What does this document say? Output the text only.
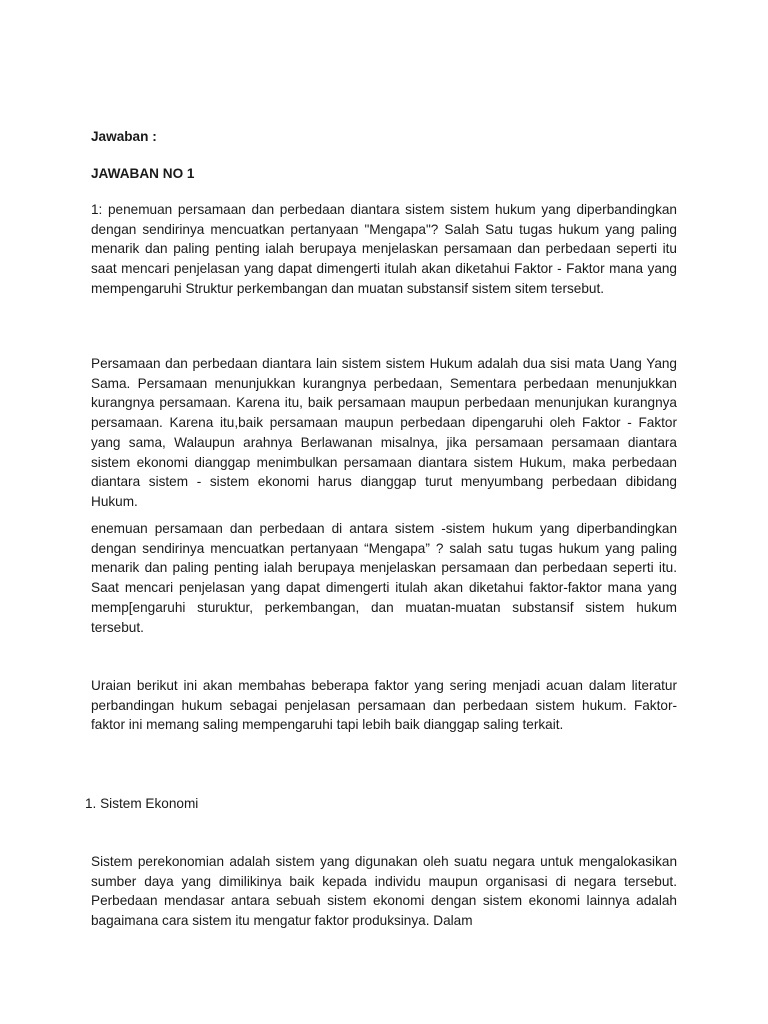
Jawaban :
JAWABAN NO 1

1: penemuan persamaan dan perbedaan diantara sistem sistem hukum yang diperbandingkan dengan sendirinya mencuatkan pertanyaan "Mengapa"? Salah Satu tugas hukum yang paling menarik dan paling penting ialah berupaya menjelaskan persamaan dan perbedaan seperti itu saat mencari penjelasan yang dapat dimengerti itulah akan diketahui Faktor - Faktor mana yang mempengaruhi Struktur perkembangan dan muatan substansif sistem sitem tersebut.

Persamaan dan perbedaan diantara lain sistem sistem Hukum adalah dua sisi mata Uang Yang Sama. Persamaan menunjukkan kurangnya perbedaan, Sementara perbedaan menunjukkan kurangnya persamaan. Karena itu, baik persamaan maupun perbedaan menunjukan kurangnya persamaan. Karena itu,baik persamaan maupun perbedaan dipengaruhi oleh Faktor - Faktor yang sama, Walaupun arahnya Berlawanan misalnya, jika persamaan persamaan diantara sistem ekonomi dianggap menimbulkan persamaan diantara sistem Hukum, maka perbedaan diantara sistem - sistem ekonomi harus dianggap turut menyumbang perbedaan dibidang Hukum.

enemuan persamaan dan perbedaan di antara sistem -sistem hukum yang diperbandingkan dengan sendirinya mencuatkan pertanyaan “Mengapa” ? salah satu tugas hukum yang paling menarik dan paling penting ialah berupaya menjelaskan persamaan dan perbedaan seperti itu. Saat mencari penjelasan yang dapat dimengerti itulah akan diketahui faktor-faktor mana yang memp[engaruhi sturuktur, perkembangan, dan muatan-muatan substansif sistem hukum tersebut.

Uraian berikut ini akan membahas beberapa faktor yang sering menjadi acuan dalam literatur perbandingan hukum sebagai penjelasan persamaan dan perbedaan sistem hukum. Faktor-faktor ini memang saling mempengaruhi tapi lebih baik dianggap saling terkait.

1. Sistem Ekonomi

Sistem perekonomian adalah sistem yang digunakan oleh suatu negara untuk mengalokasikan sumber daya yang dimilikinya baik kepada individu maupun organisasi di negara tersebut. Perbedaan mendasar antara sebuah sistem ekonomi dengan sistem ekonomi lainnya adalah bagaimana cara sistem itu mengatur faktor produksinya. Dalam
